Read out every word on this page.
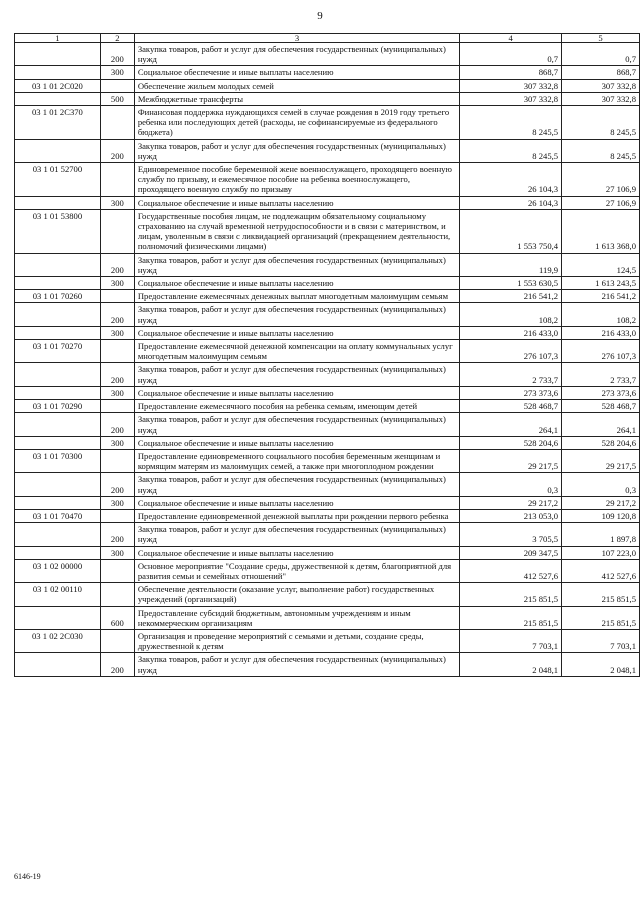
9
1	2	3	4	5
	200	Закупка товаров, работ и услуг для обеспечения государственных (муниципальных) нужд	0,7	0,7
	300	Социальное обеспечение и иные выплаты населению	868,7	868,7
03 1 01 2С020		Обеспечение жильем молодых семей	307 332,8	307 332,8
	500	Межбюджетные трансферты	307 332,8	307 332,8
03 1 01 2С370		Финансовая поддержка нуждающихся семей в случае рождения в 2019 году третьего ребенка или последующих детей (расходы, не софинансируемые из федерального бюджета)	8 245,5	8 245,5
	200	Закупка товаров, работ и услуг для обеспечения государственных (муниципальных) нужд	8 245,5	8 245,5
03 1 01 52700		Единовременное пособие беременной жене военнослужащего, проходящего военную службу по призыву, и ежемесячное пособие на ребенка военнослужащего, проходящего военную службу по призыву	26 104,3	27 106,9
	300	Социальное обеспечение и иные выплаты населению	26 104,3	27 106,9
03 1 01 53800		Государственные пособия лицам, не подлежащим обязательному социальному страхованию на случай временной нетрудоспособности и в связи с материнством, и лицам, уволенным в связи с ликвидацией организаций (прекращением деятельности, полномочий физическими лицами)	1 553 750,4	1 613 368,0
	200	Закупка товаров, работ и услуг для обеспечения государственных (муниципальных) нужд	119,9	124,5
	300	Социальное обеспечение и иные выплаты населению	1 553 630,5	1 613 243,5
03 1 01 70260		Предоставление ежемесячных денежных выплат многодетным малоимущим семьям	216 541,2	216 541,2
	200	Закупка товаров, работ и услуг для обеспечения государственных (муниципальных) нужд	108,2	108,2
	300	Социальное обеспечение и иные выплаты населению	216 433,0	216 433,0
03 1 01 70270		Предоставление ежемесячной денежной компенсации на оплату коммунальных услуг многодетным малоимущим семьям	276 107,3	276 107,3
	200	Закупка товаров, работ и услуг для обеспечения государственных (муниципальных) нужд	2 733,7	2 733,7
	300	Социальное обеспечение и иные выплаты населению	273 373,6	273 373,6
03 1 01 70290		Предоставление ежемесячного пособия на ребенка семьям, имеющим детей	528 468,7	528 468,7
	200	Закупка товаров, работ и услуг для обеспечения государственных (муниципальных) нужд	264,1	264,1
	300	Социальное обеспечение и иные выплаты населению	528 204,6	528 204,6
03 1 01 70300		Предоставление единовременного социального пособия беременным женщинам и кормящим матерям из малоимущих семей, а также при многоплодном рождении	29 217,5	29 217,5
	200	Закупка товаров, работ и услуг для обеспечения государственных (муниципальных) нужд	0,3	0,3
	300	Социальное обеспечение и иные выплаты населению	29 217,2	29 217,2
03 1 01 70470		Предоставление единовременной денежной выплаты при рождении первого ребенка	213 053,0	109 120,8
	200	Закупка товаров, работ и услуг для обеспечения государственных (муниципальных) нужд	3 705,5	1 897,8
	300	Социальное обеспечение и иные выплаты населению	209 347,5	107 223,0
03 1 02 00000		Основное мероприятие "Создание среды, дружественной к детям, благоприятной для развития семьи и семейных отношений"	412 527,6	412 527,6
03 1 02 00110		Обеспечение деятельности (оказание услуг, выполнение работ) государственных учреждений (организаций)	215 851,5	215 851,5
	600	Предоставление субсидий бюджетным, автономным учреждениям и иным некоммерческим организациям	215 851,5	215 851,5
03 1 02 2С030		Организация и проведение мероприятий с семьями и детьми, создание среды, дружественной к детям	7 703,1	7 703,1
	200	Закупка товаров, работ и услуг для обеспечения государственных (муниципальных) нужд	2 048,1	2 048,1
6146-19
